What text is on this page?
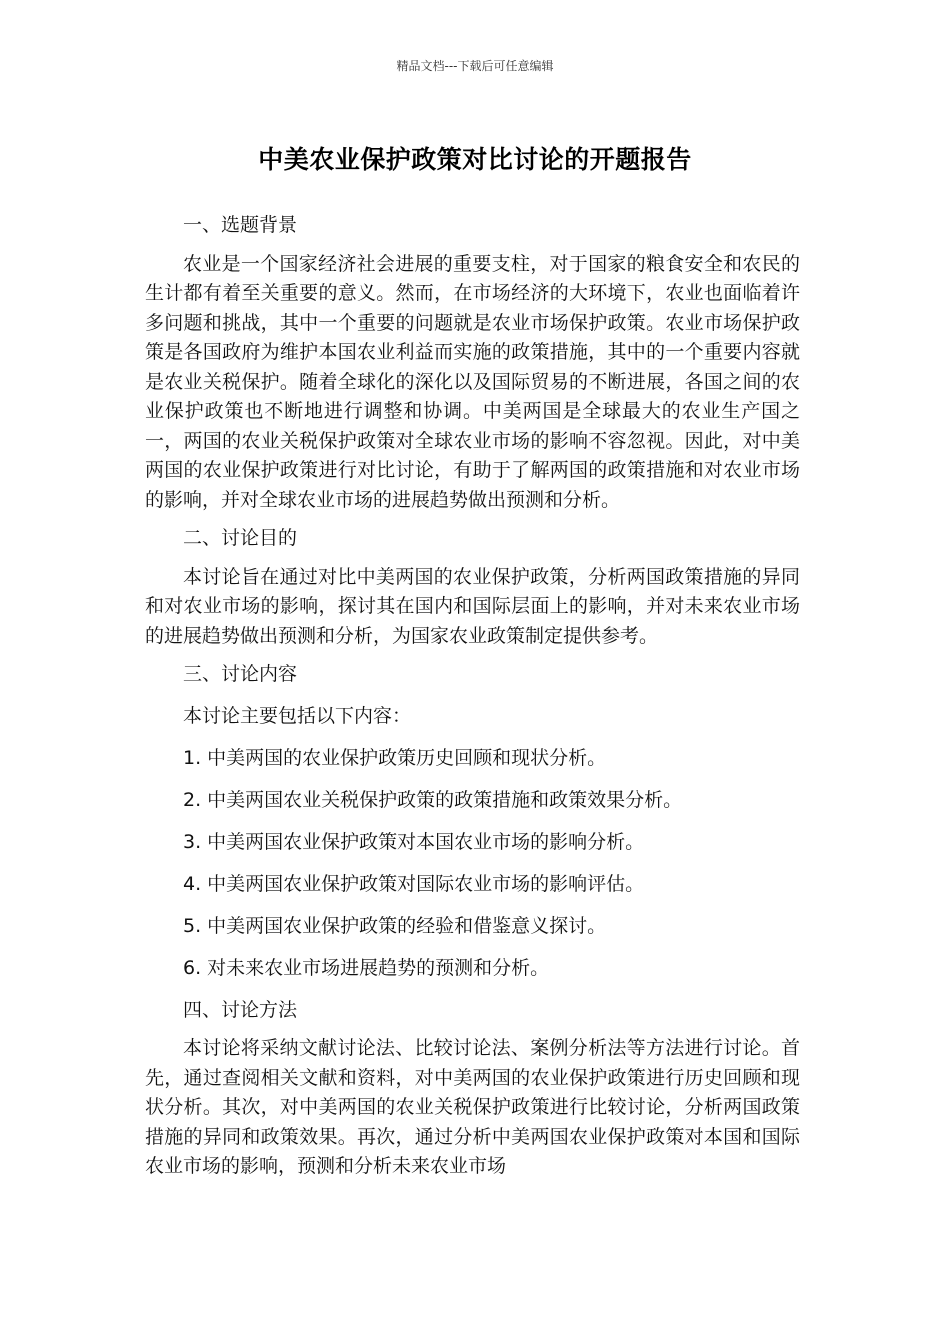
精品文档---下载后可任意编辑
中美农业保护政策对比讨论的开题报告

一、选题背景

农业是一个国家经济社会进展的重要支柱，对于国家的粮食安全和农民的生计都有着至关重要的意义。然而，在市场经济的大环境下，农业也面临着许多问题和挑战，其中一个重要的问题就是农业市场保护政策。农业市场保护政策是各国政府为维护本国农业利益而实施的政策措施，其中的一个重要内容就是农业关税保护。随着全球化的深化以及国际贸易的不断进展，各国之间的农业保护政策也不断地进行调整和协调。中美两国是全球最大的农业生产国之一，两国的农业关税保护政策对全球农业市场的影响不容忽视。因此，对中美两国的农业保护政策进行对比讨论，有助于了解两国的政策措施和对农业市场的影响，并对全球农业市场的进展趋势做出预测和分析。

二、讨论目的

本讨论旨在通过对比中美两国的农业保护政策，分析两国政策措施的异同和对农业市场的影响，探讨其在国内和国际层面上的影响，并对未来农业市场的进展趋势做出预测和分析，为国家农业政策制定提供参考。

三、讨论内容

本讨论主要包括以下内容：

1. 中美两国的农业保护政策历史回顾和现状分析。
2. 中美两国农业关税保护政策的政策措施和政策效果分析。
3. 中美两国农业保护政策对本国农业市场的影响分析。
4. 中美两国农业保护政策对国际农业市场的影响评估。
5. 中美两国农业保护政策的经验和借鉴意义探讨。
6. 对未来农业市场进展趋势的预测和分析。

四、讨论方法

本讨论将采纳文献讨论法、比较讨论法、案例分析法等方法进行讨论。首先，通过查阅相关文献和资料，对中美两国的农业保护政策进行历史回顾和现状分析。其次，对中美两国的农业关税保护政策进行比较讨论，分析两国政策措施的异同和政策效果。再次，通过分析中美两国农业保护政策对本国和国际农业市场的影响，预测和分析未来农业市场
